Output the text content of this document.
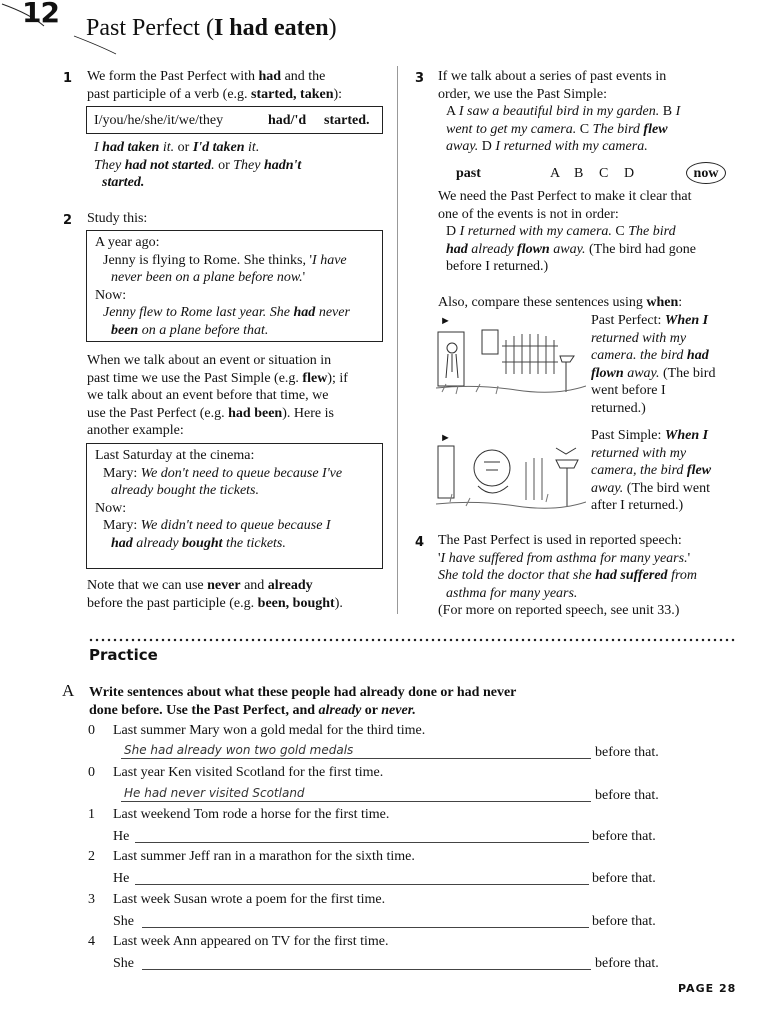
12 Past Perfect (I had eaten)
1 We form the Past Perfect with had and the

past participle of a verb (e.g. started, taken):

I/you/he/she/it/we/they	had/'d started.

I had taken it. or I'd taken it.

They had not started. or They hadn't

started.

2 Study this:

A year ago:

Jenny is flying to Rome. She thinks, 'I have

never been on a plane before now.'

Now:

Jenny flew to Rome last year. She had never

been on a plane before that.

When we talk about an event or situation in

past time we use the Past Simple (e.g. flew); if

we talk about an event before that time, we

use the Past Perfect (e.g. had been). Here is

another example:

Last Saturday at the cinema:

Mary: We don't need to queue because I've

already bought the tickets.

Now:

Mary: We didn't need to queue because I

had already bought the tickets.

Note that we can use never and already

before the past participle (e.g. been, bought).

3 If we talk about a series of past events in

order, we use the Past Simple:

A I saw a beautiful bird in my garden. B I

went to get my camera. C The bird flew

away. D I returned with my camera.

past	A B C D	now

We need the Past Perfect to make it clear that

one of the events is not in order:

D I returned with my camera. C The bird

had already flown away. (The bird had gone

before I returned.)

Also, compare these sentences using when:
►	Past Perfect: When I

returned with my

camera. the bird had

flown away. (The bird

went before I

returned.)

►	Past Simple: When I

returned with my

camera, the bird flew

away. (The bird went

after I returned.)

4 The Past Perfect is used in reported speech:

'I have suffered from asthma for many years.'

She told the doctor that she had suffered from

asthma for many years.

(For more on reported speech, see unit 33.)

Practice
A Write sentences about what these people had already done or had never

done before. Use the Past Perfect, and already or never.

0 Last summer Mary won a gold medal for the third time.
She had already won two gold medals	before that.
0 Last year Ken visited Scotland for the first time.
He had never visited Scotland	before that.
1 Last weekend Tom rode a horse for the first time.
He	before that.
2 Last summer Jeff ran in a marathon for the sixth time.
He	before that.
3 Last week Susan wrote a poem for the first time.
She	before that.
4 Last week Ann appeared on TV for the first time.
She	before that.
PAGE 28
